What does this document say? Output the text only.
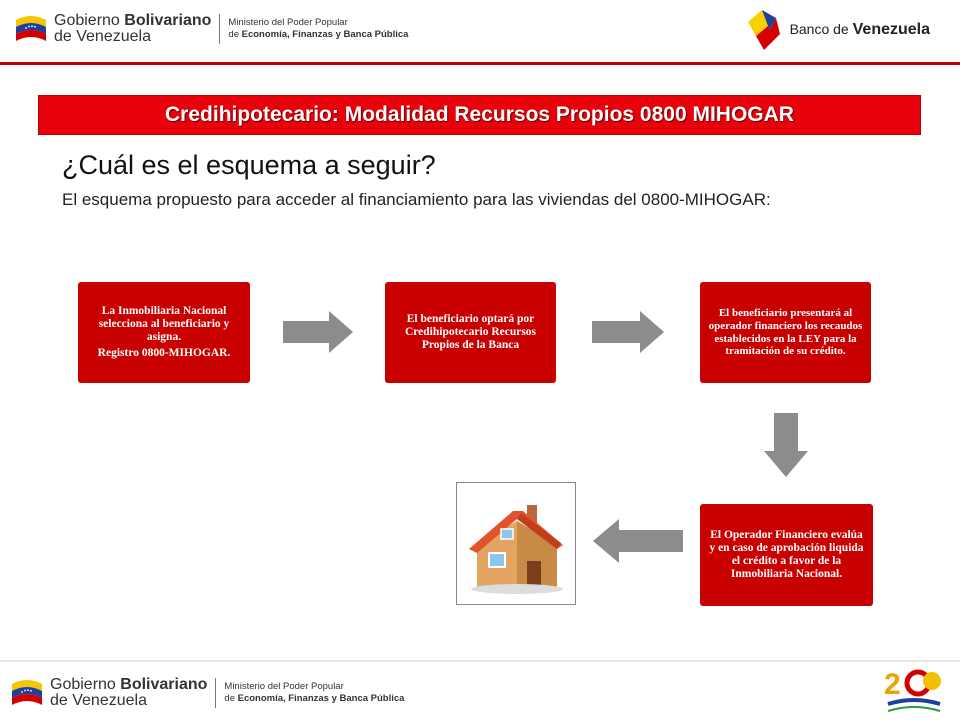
Gobierno Bolivariano
de Venezuela
Ministerio del Poder Popular
de Economía, Finanzas y Banca Pública	Banco de Venezuela
Credihipotecario: Modalidad Recursos Propios 0800 MIHOGAR
¿Cuál es el esquema a seguir?
El esquema propuesto para acceder al financiamiento para las viviendas del 0800-MIHOGAR:
La Inmobiliaria Nacional selecciona al beneficiario y asigna.
Registro 0800-MIHOGAR.
El beneficiario optará por Credihipotecario Recursos Propios de la Banca
El beneficiario presentará al operador financiero los recaudos establecidos en la LEY para la tramitación de su crédito.
El Operador Financiero evalúa y en caso de aprobación liquida el crédito a favor de la Inmobiliaria Nacional.
Gobierno Bolivariano
de Venezuela
Ministerio del Poder Popular
de Economía, Finanzas y Banca Pública	2
